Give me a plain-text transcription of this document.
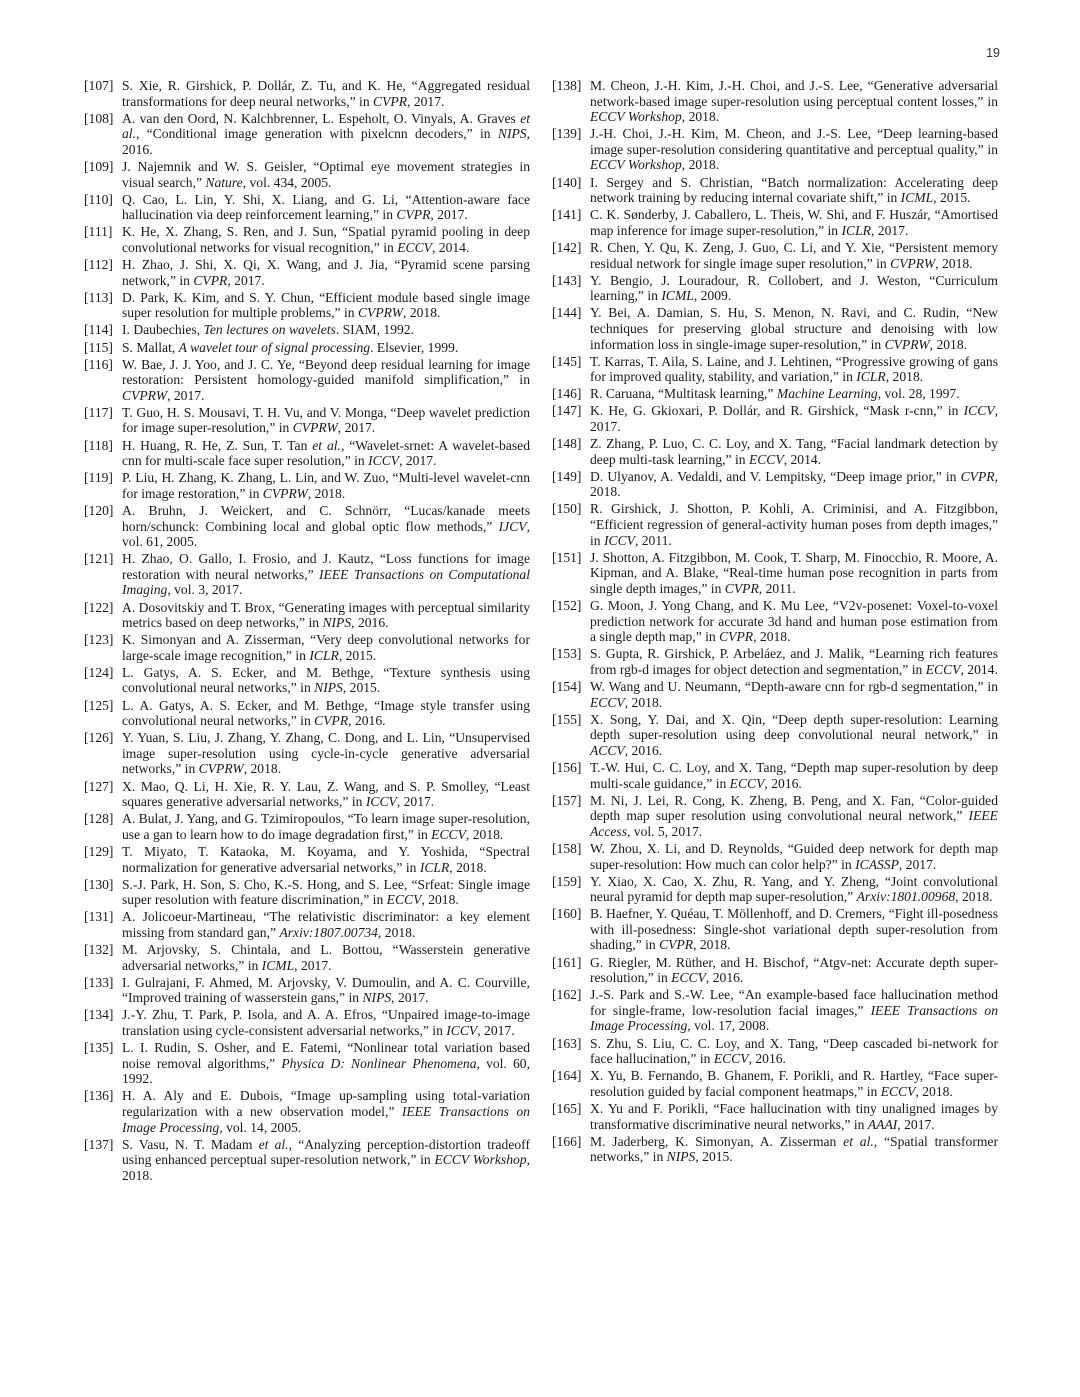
19
[107] S. Xie, R. Girshick, P. Dollár, Z. Tu, and K. He, “Aggregated residual transformations for deep neural networks,” in CVPR, 2017.
[108] A. van den Oord, N. Kalchbrenner, L. Espeholt, O. Vinyals, A. Graves et al., “Conditional image generation with pixelcnn decoders,” in NIPS, 2016.
[109] J. Najemnik and W. S. Geisler, “Optimal eye movement strategies in visual search,” Nature, vol. 434, 2005.
[110] Q. Cao, L. Lin, Y. Shi, X. Liang, and G. Li, “Attention-aware face hallucination via deep reinforcement learning,” in CVPR, 2017.
[111] K. He, X. Zhang, S. Ren, and J. Sun, “Spatial pyramid pooling in deep convolutional networks for visual recognition,” in ECCV, 2014.
[112] H. Zhao, J. Shi, X. Qi, X. Wang, and J. Jia, “Pyramid scene parsing network,” in CVPR, 2017.
[113] D. Park, K. Kim, and S. Y. Chun, “Efficient module based single image super resolution for multiple problems,” in CVPRW, 2018.
[114] I. Daubechies, Ten lectures on wavelets. SIAM, 1992.
[115] S. Mallat, A wavelet tour of signal processing. Elsevier, 1999.
[116] W. Bae, J. J. Yoo, and J. C. Ye, “Beyond deep residual learning for image restoration: Persistent homology-guided manifold simplification,” in CVPRW, 2017.
[117] T. Guo, H. S. Mousavi, T. H. Vu, and V. Monga, “Deep wavelet prediction for image super-resolution,” in CVPRW, 2017.
[118] H. Huang, R. He, Z. Sun, T. Tan et al., “Wavelet-srnet: A wavelet-based cnn for multi-scale face super resolution,” in ICCV, 2017.
[119] P. Liu, H. Zhang, K. Zhang, L. Lin, and W. Zuo, “Multi-level wavelet-cnn for image restoration,” in CVPRW, 2018.
[120] A. Bruhn, J. Weickert, and C. Schnörr, “Lucas/kanade meets horn/schunck: Combining local and global optic flow methods,” IJCV, vol. 61, 2005.
[121] H. Zhao, O. Gallo, I. Frosio, and J. Kautz, “Loss functions for image restoration with neural networks,” IEEE Transactions on Computational Imaging, vol. 3, 2017.
[122] A. Dosovitskiy and T. Brox, “Generating images with perceptual similarity metrics based on deep networks,” in NIPS, 2016.
[123] K. Simonyan and A. Zisserman, “Very deep convolutional networks for large-scale image recognition,” in ICLR, 2015.
[124] L. Gatys, A. S. Ecker, and M. Bethge, “Texture synthesis using convolutional neural networks,” in NIPS, 2015.
[125] L. A. Gatys, A. S. Ecker, and M. Bethge, “Image style transfer using convolutional neural networks,” in CVPR, 2016.
[126] Y. Yuan, S. Liu, J. Zhang, Y. Zhang, C. Dong, and L. Lin, “Unsupervised image super-resolution using cycle-in-cycle generative adversarial networks,” in CVPRW, 2018.
[127] X. Mao, Q. Li, H. Xie, R. Y. Lau, Z. Wang, and S. P. Smolley, “Least squares generative adversarial networks,” in ICCV, 2017.
[128] A. Bulat, J. Yang, and G. Tzimiropoulos, “To learn image super-resolution, use a gan to learn how to do image degradation first,” in ECCV, 2018.
[129] T. Miyato, T. Kataoka, M. Koyama, and Y. Yoshida, “Spectral normalization for generative adversarial networks,” in ICLR, 2018.
[130] S.-J. Park, H. Son, S. Cho, K.-S. Hong, and S. Lee, “Srfeat: Single image super resolution with feature discrimination,” in ECCV, 2018.
[131] A. Jolicoeur-Martineau, “The relativistic discriminator: a key element missing from standard gan,” Arxiv:1807.00734, 2018.
[132] M. Arjovsky, S. Chintala, and L. Bottou, “Wasserstein generative adversarial networks,” in ICML, 2017.
[133] I. Gulrajani, F. Ahmed, M. Arjovsky, V. Dumoulin, and A. C. Courville, “Improved training of wasserstein gans,” in NIPS, 2017.
[134] J.-Y. Zhu, T. Park, P. Isola, and A. A. Efros, “Unpaired image-to-image translation using cycle-consistent adversarial networks,” in ICCV, 2017.
[135] L. I. Rudin, S. Osher, and E. Fatemi, “Nonlinear total variation based noise removal algorithms,” Physica D: Nonlinear Phenomena, vol. 60, 1992.
[136] H. A. Aly and E. Dubois, “Image up-sampling using total-variation regularization with a new observation model,” IEEE Transactions on Image Processing, vol. 14, 2005.
[137] S. Vasu, N. T. Madam et al., “Analyzing perception-distortion tradeoff using enhanced perceptual super-resolution network,” in ECCV Workshop, 2018.
[138] M. Cheon, J.-H. Kim, J.-H. Choi, and J.-S. Lee, “Generative adversarial network-based image super-resolution using perceptual content losses,” in ECCV Workshop, 2018.
[139] J.-H. Choi, J.-H. Kim, M. Cheon, and J.-S. Lee, “Deep learning-based image super-resolution considering quantitative and perceptual quality,” in ECCV Workshop, 2018.
[140] I. Sergey and S. Christian, “Batch normalization: Accelerating deep network training by reducing internal covariate shift,” in ICML, 2015.
[141] C. K. Sønderby, J. Caballero, L. Theis, W. Shi, and F. Huszár, “Amortised map inference for image super-resolution,” in ICLR, 2017.
[142] R. Chen, Y. Qu, K. Zeng, J. Guo, C. Li, and Y. Xie, “Persistent memory residual network for single image super resolution,” in CVPRW, 2018.
[143] Y. Bengio, J. Louradour, R. Collobert, and J. Weston, “Curriculum learning,” in ICML, 2009.
[144] Y. Bei, A. Damian, S. Hu, S. Menon, N. Ravi, and C. Rudin, “New techniques for preserving global structure and denoising with low information loss in single-image super-resolution,” in CVPRW, 2018.
[145] T. Karras, T. Aila, S. Laine, and J. Lehtinen, “Progressive growing of gans for improved quality, stability, and variation,” in ICLR, 2018.
[146] R. Caruana, “Multitask learning,” Machine Learning, vol. 28, 1997.
[147] K. He, G. Gkioxari, P. Dollár, and R. Girshick, “Mask r-cnn,” in ICCV, 2017.
[148] Z. Zhang, P. Luo, C. C. Loy, and X. Tang, “Facial landmark detection by deep multi-task learning,” in ECCV, 2014.
[149] D. Ulyanov, A. Vedaldi, and V. Lempitsky, “Deep image prior,” in CVPR, 2018.
[150] R. Girshick, J. Shotton, P. Kohli, A. Criminisi, and A. Fitzgibbon, “Efficient regression of general-activity human poses from depth images,” in ICCV, 2011.
[151] J. Shotton, A. Fitzgibbon, M. Cook, T. Sharp, M. Finocchio, R. Moore, A. Kipman, and A. Blake, “Real-time human pose recognition in parts from single depth images,” in CVPR, 2011.
[152] G. Moon, J. Yong Chang, and K. Mu Lee, “V2v-posenet: Voxel-to-voxel prediction network for accurate 3d hand and human pose estimation from a single depth map,” in CVPR, 2018.
[153] S. Gupta, R. Girshick, P. Arbeláez, and J. Malik, “Learning rich features from rgb-d images for object detection and segmentation,” in ECCV, 2014.
[154] W. Wang and U. Neumann, “Depth-aware cnn for rgb-d segmentation,” in ECCV, 2018.
[155] X. Song, Y. Dai, and X. Qin, “Deep depth super-resolution: Learning depth super-resolution using deep convolutional neural network,” in ACCV, 2016.
[156] T.-W. Hui, C. C. Loy, and X. Tang, “Depth map super-resolution by deep multi-scale guidance,” in ECCV, 2016.
[157] M. Ni, J. Lei, R. Cong, K. Zheng, B. Peng, and X. Fan, “Color-guided depth map super resolution using convolutional neural network,” IEEE Access, vol. 5, 2017.
[158] W. Zhou, X. Li, and D. Reynolds, “Guided deep network for depth map super-resolution: How much can color help?” in ICASSP, 2017.
[159] Y. Xiao, X. Cao, X. Zhu, R. Yang, and Y. Zheng, “Joint convolutional neural pyramid for depth map super-resolution,” Arxiv:1801.00968, 2018.
[160] B. Haefner, Y. Quéau, T. Möllenhoff, and D. Cremers, “Fight ill-posedness with ill-posedness: Single-shot variational depth super-resolution from shading,” in CVPR, 2018.
[161] G. Riegler, M. Rüther, and H. Bischof, “Atgv-net: Accurate depth super-resolution,” in ECCV, 2016.
[162] J.-S. Park and S.-W. Lee, “An example-based face hallucination method for single-frame, low-resolution facial images,” IEEE Transactions on Image Processing, vol. 17, 2008.
[163] S. Zhu, S. Liu, C. C. Loy, and X. Tang, “Deep cascaded bi-network for face hallucination,” in ECCV, 2016.
[164] X. Yu, B. Fernando, B. Ghanem, F. Porikli, and R. Hartley, “Face super-resolution guided by facial component heatmaps,” in ECCV, 2018.
[165] X. Yu and F. Porikli, “Face hallucination with tiny unaligned images by transformative discriminative neural networks,” in AAAI, 2017.
[166] M. Jaderberg, K. Simonyan, A. Zisserman et al., “Spatial transformer networks,” in NIPS, 2015.
